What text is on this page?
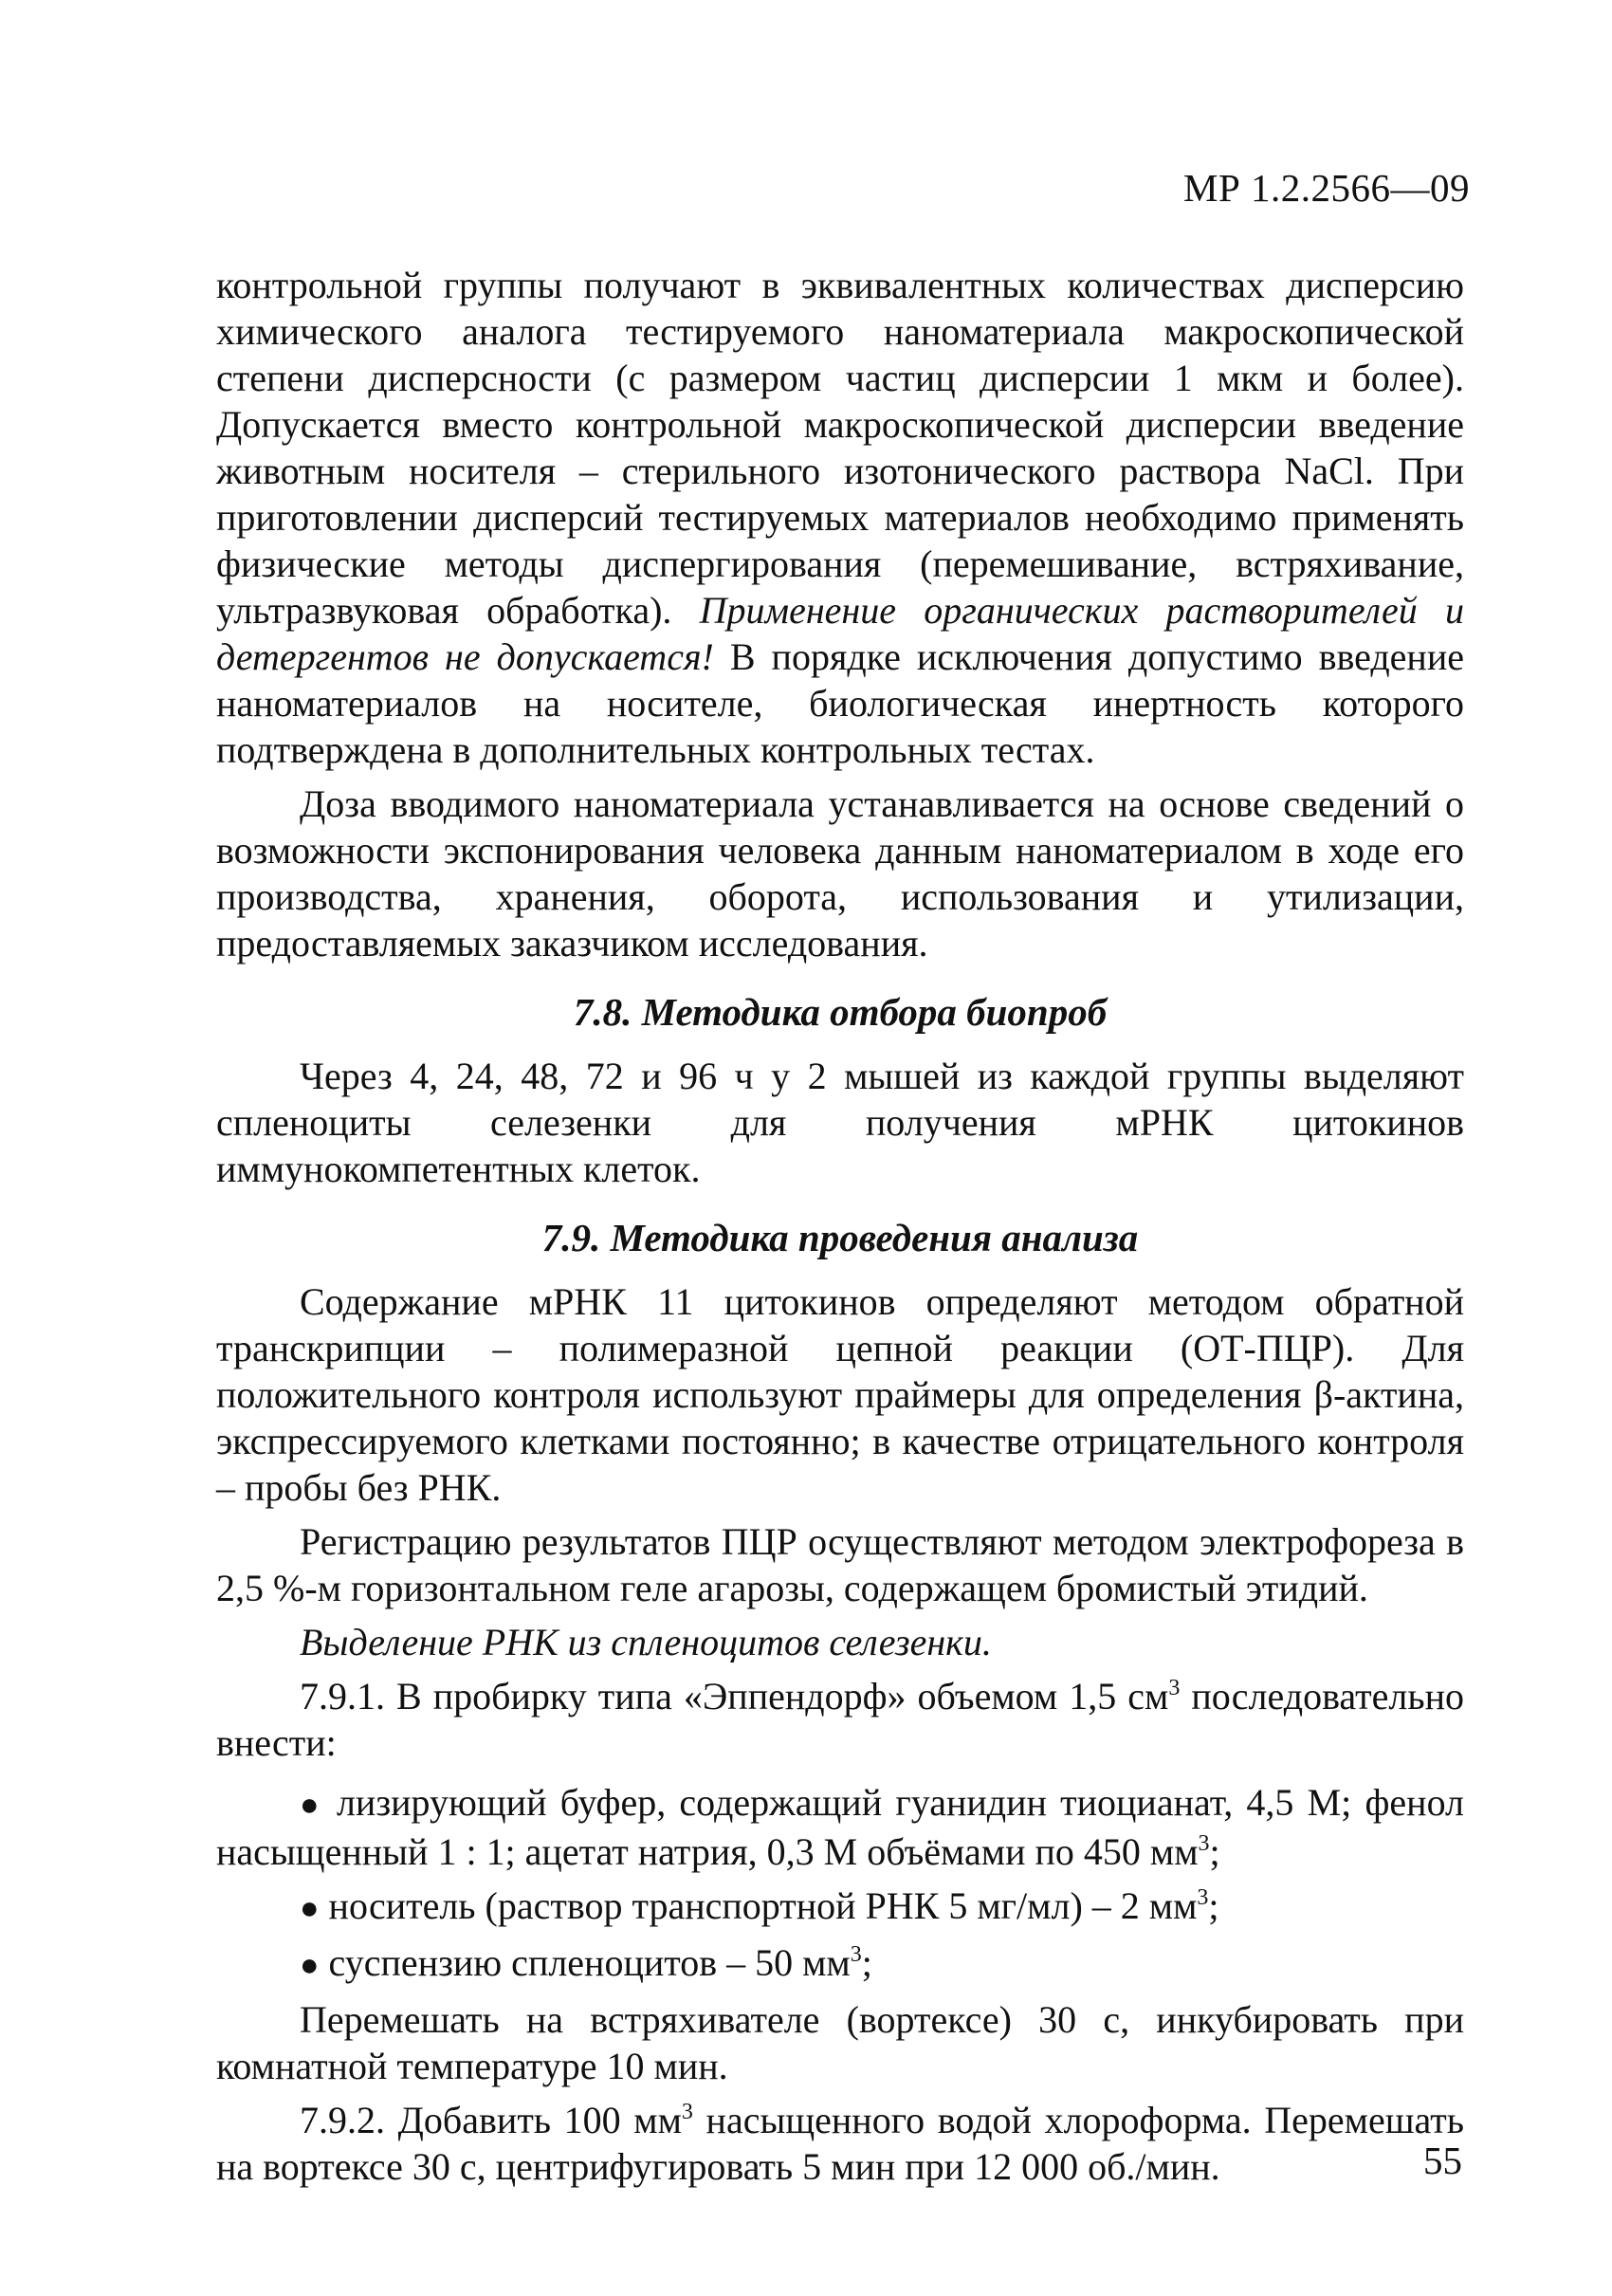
МР 1.2.2566—09

контрольной группы получают в эквивалентных количествах дисперсию химического аналога тестируемого наноматериала макроскопической степени дисперсности (с размером частиц дисперсии 1 мкм и более). Допускается вместо контрольной макроскопической дисперсии введение животным носителя – стерильного изотонического раствора NaCl. При приготовлении дисперсий тестируемых материалов необходимо применять физические методы диспергирования (перемешивание, встряхивание, ультразвуковая обработка). Применение органических растворителей и детергентов не допускается! В порядке исключения допустимо введение наноматериалов на носителе, биологическая инертность которого подтверждена в дополнительных контрольных тестах.

Доза вводимого наноматериала устанавливается на основе сведений о возможности экспонирования человека данным наноматериалом в ходе его производства, хранения, оборота, использования и утилизации, предоставляемых заказчиком исследования.

7.8. Методика отбора биопроб

Через 4, 24, 48, 72 и 96 ч у 2 мышей из каждой группы выделяют спленоциты селезенки для получения мРНК цитокинов иммунокомпетентных клеток.

7.9. Методика проведения анализа

Содержание мРНК 11 цитокинов определяют методом обратной транскрипции – полимеразной цепной реакции (ОТ-ПЦР). Для положительного контроля используют праймеры для определения β-актина, экспрессируемого клетками постоянно; в качестве отрицательного контроля – пробы без РНК.

Регистрацию результатов ПЦР осуществляют методом электрофореза в 2,5 %-м горизонтальном геле агарозы, содержащем бромистый этидий.

Выделение РНК из спленоцитов селезенки.

7.9.1. В пробирку типа «Эппендорф» объемом 1,5 $см^3$ последовательно внести:

● лизирующий буфер, содержащий гуанидин тиоцианат, 4,5 М; фенол насыщенный 1 : 1; ацетат натрия, 0,3 М объёмами по 450 $мм^3$;

● носитель (раствор транспортной РНК 5 мг/мл) – 2 $мм^3$;

● суспензию спленоцитов – 50 $мм^3$;

Перемешать на встряхивателе (вортексе) 30 с, инкубировать при комнатной температуре 10 мин.

7.9.2. Добавить 100 $мм^3$ насыщенного водой хлороформа. Перемешать на вортексе 30 с, центрифугировать 5 мин при 12 000 об./мин.	55
